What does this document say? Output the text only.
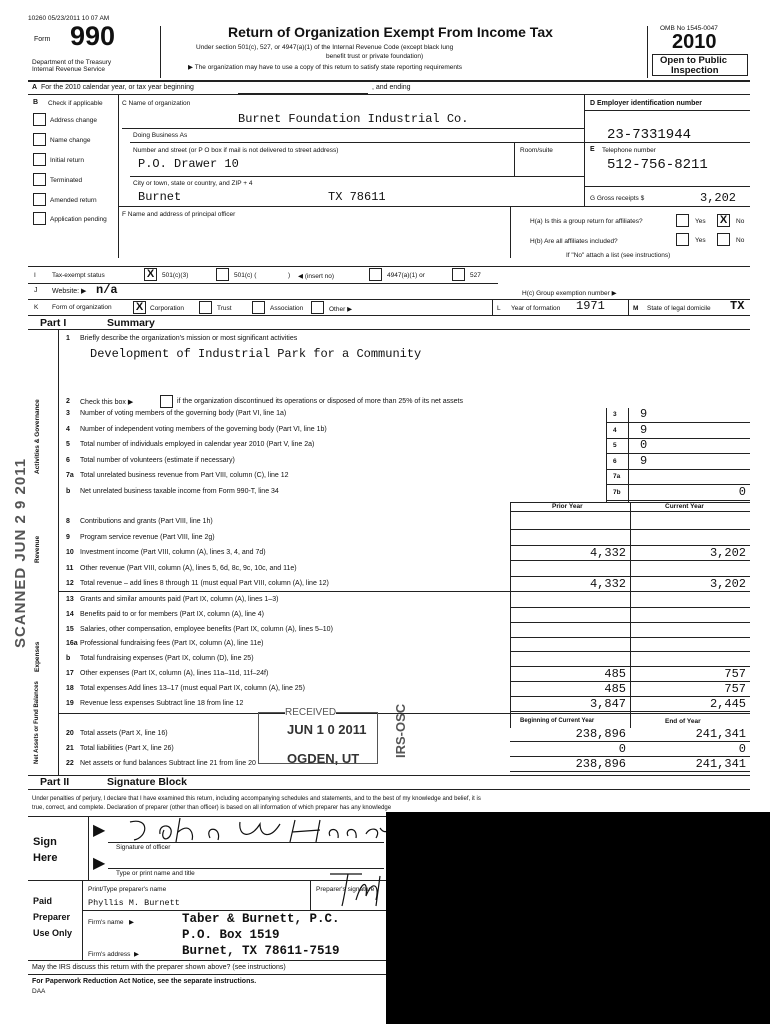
10260 05/23/2011 10 07 AM
Form 990
Department of the Treasury
Internal Revenue Service
Return of Organization Exempt From Income Tax
Under section 501(c), 527, or 4947(a)(1) of the Internal Revenue Code (except black lung
benefit trust or private foundation)
▶ The organization may have to use a copy of this return to satisfy state reporting requirements
OMB No 1545-0047
2010
Open to Public
Inspection
A For the 2010 calendar year, or tax year beginning	, and ending
B Check if applicable
Address change
Name change
Initial return
Terminated
Amended return
Application pending
C Name of organization
Burnet Foundation Industrial Co.
Doing Business As
Number and street (or P O box if mail is not delivered to street address)	Room/suite
P.O. Drawer 10
City or town, state or country, and ZIP + 4
Burnet	TX 78611
F Name and address of principal officer
D Employer identification number
23-7331944
E Telephone number
512-756-8211
G Gross receipts $	3,202
H(a) Is this a group return for affiliates?	Yes X	No
H(b) Are all affiliates included?	Yes	No
If "No" attach a list (see instructions)
I Tax-exempt status	X	501(c)(3)	501(c) (	) ◀ (insert no)	4947(a)(1) or	527
H(c) Group exemption number ▶
J Website: ▶ n/a
K Form of organization X	Corporation	Trust	Association	Other ▶	L Year of formation 1971	M State of legal domicile TX
Part I	Summary
Activities & Governance
Revenue
Expenses
Net Assets or Fund Balances
1 Briefly describe the organization's mission or most significant activities
Development of Industrial Park for a Community
2 Check this box ▶	if the organization discontinued its operations or disposed of more than 25% of its net assets
3 Number of voting members of the governing body (Part VI, line 1a)	3 9
4 Number of independent voting members of the governing body (Part VI, line 1b)	4 9
5 Total number of individuals employed in calendar year 2010 (Part V, line 2a)	5 0
6 Total number of volunteers (estimate if necessary)	6 9
7a Total unrelated business revenue from Part VIII, column (C), line 12	7a
b Net unrelated business taxable income from Form 990-T, line 34	7b	0
Prior Year	Current Year
8 Contributions and grants (Part VIII, line 1h)
9 Program service revenue (Part VIII, line 2g)
10 Investment income (Part VIII, column (A), lines 3, 4, and 7d)	4,332	3,202
11 Other revenue (Part VIII, column (A), lines 5, 6d, 8c, 9c, 10c, and 11e)
12 Total revenue – add lines 8 through 11 (must equal Part VIII, column (A), line 12)	4,332	3,202
13 Grants and similar amounts paid (Part IX, column (A), lines 1–3)
14 Benefits paid to or for members (Part IX, column (A), line 4)
15 Salaries, other compensation, employee benefits (Part IX, column (A), lines 5–10)
16a Professional fundraising fees (Part IX, column (A), line 11e)
b Total fundraising expenses (Part IX, column (D), line 25)
17 Other expenses (Part IX, column (A), lines 11a–11d, 11f–24f)	485	757
18 Total expenses Add lines 13–17 (must equal Part IX, column (A), line 25)	485	757
19 Revenue less expenses Subtract line 18 from line 12	3,847	2,445
Beginning of Current Year	End of Year
20 Total assets (Part X, line 16)	238,896	241,341
21 Total liabilities (Part X, line 26)	0	0
22 Net assets or fund balances Subtract line 21 from line 20	238,896	241,341
SCANNED JUN 2 9 2011
RECEIVED
JUN 1 0 2011
OGDEN, UT
IRS-OSC
Part II	Signature Block
Under penalties of perjury, I declare that I have examined this return, including accompanying schedules and statements, and to the best of my knowledge and belief, it is
true, correct, and complete. Declaration of preparer (other than officer) is based on all information of which preparer has any knowledge
Sign
Here
▶
▶
Signature of officer
Type or print name and title
Paid
Preparer
Use Only
Print/Type preparer's name
Phyllis M. Burnett
Preparer's signature
Firm's name   ▶	Taber & Burnett, P.C.
P.O. Box 1519
Firm's address  ▶	Burnet, TX 78611-7519
May the IRS discuss this return with the preparer shown above? (see instructions)
For Paperwork Reduction Act Notice, see the separate instructions.
DAA
